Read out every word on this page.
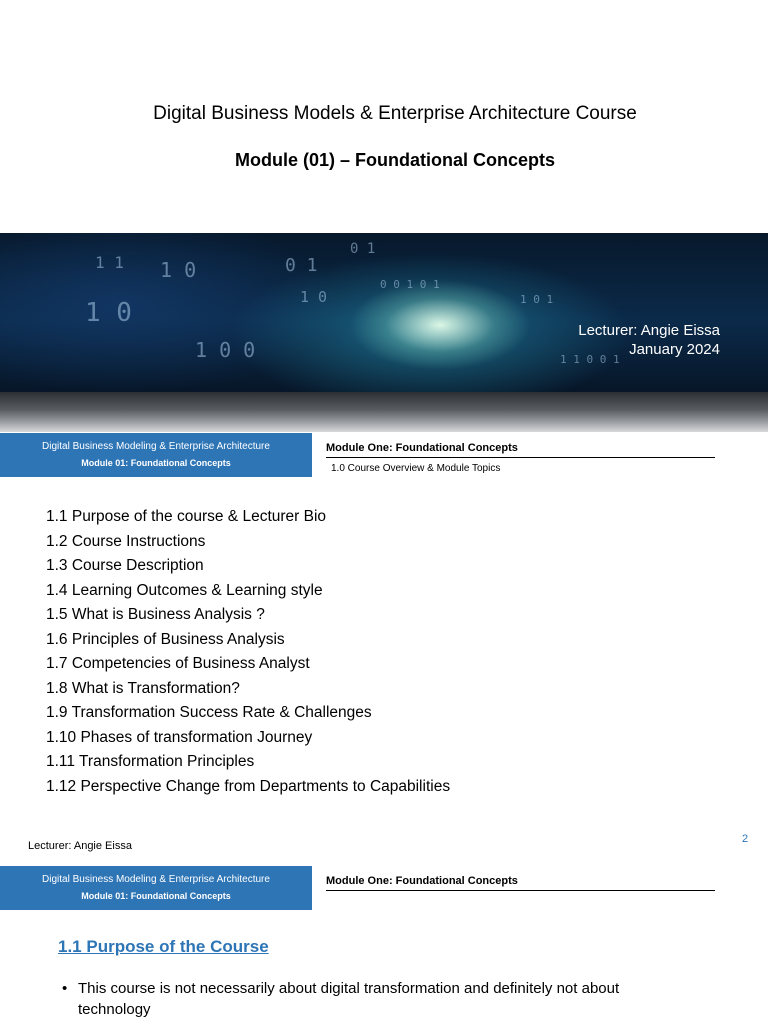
Digital Business Models & Enterprise Architecture Course
Module (01) – Foundational Concepts
1 0
1 0	0 1
1 0 0
1 1
0 1
1 0
0 0 1 0 1
1 0 1
1 1 0 0 1
Lecturer: Angie Eissa
January 2024
Digital Business Modeling & Enterprise Architecture
Module 01: Foundational Concepts
Module One: Foundational Concepts
1.0 Course Overview & Module Topics
1.1 Purpose of the course & Lecturer Bio
1.2 Course Instructions
1.3 Course Description
1.4 Learning Outcomes & Learning style
1.5 What is Business Analysis ?
1.6 Principles of Business Analysis
1.7 Competencies of Business Analyst
1.8 What is Transformation?
1.9 Transformation Success Rate & Challenges
1.10 Phases of transformation Journey
1.11 Transformation Principles
1.12 Perspective Change from Departments to Capabilities
Lecturer: Angie Eissa
2
Digital Business Modeling & Enterprise Architecture
Module 01: Foundational Concepts
Module One: Foundational Concepts
1.1 Purpose of the Course
• This course is not necessarily about digital transformation and definitely not about technology
